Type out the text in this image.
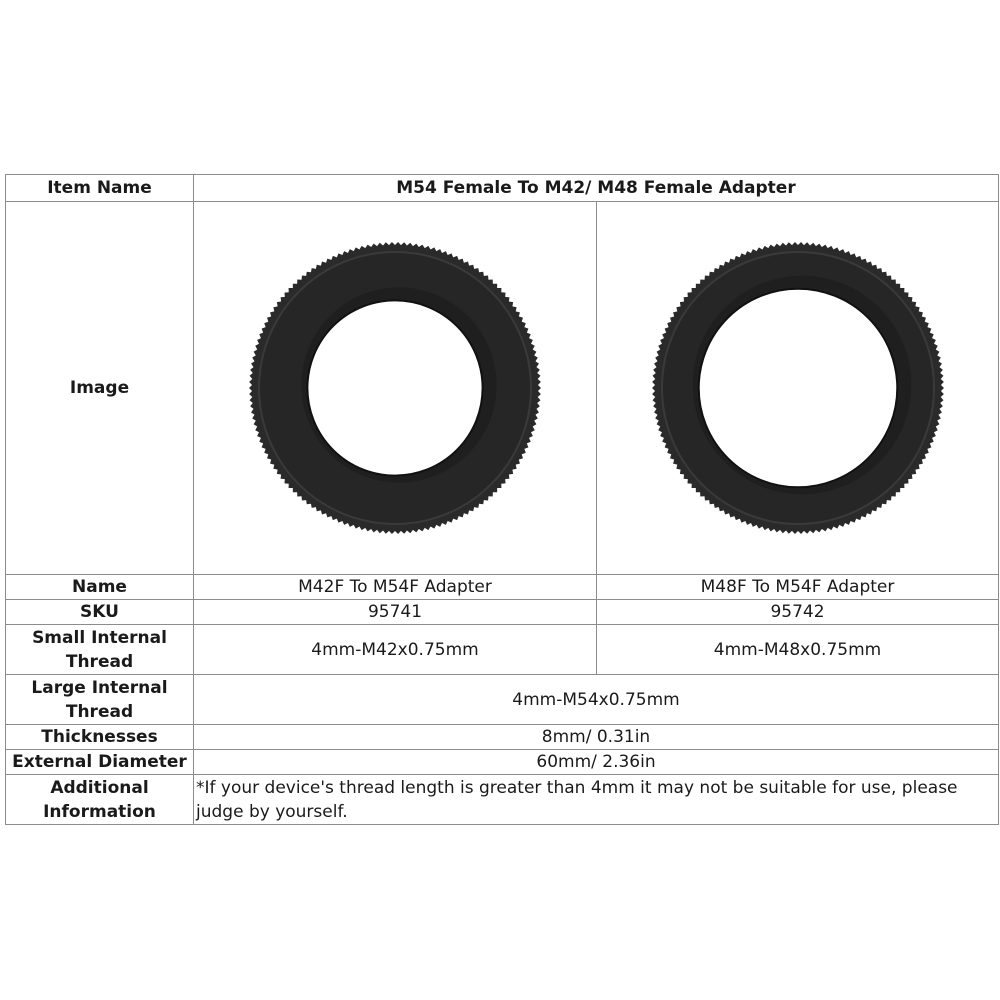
Item Name	M54 Female To M42/ M48 Female Adapter	
Image	

Name	M42F To M54F Adapter	M48F To M54F Adapter
SKU	95741	95742
Small Internal
Thread	4mm-M42x0.75mm	4mm-M48x0.75mm
Large Internal
Thread	4mm-M54x0.75mm	
Thicknesses	8mm/ 0.31in	
External Diameter	60mm/ 2.36in	
Additional
Information	*If your device's thread length is greater than 4mm it may not be suitable for use, please judge by yourself.	
